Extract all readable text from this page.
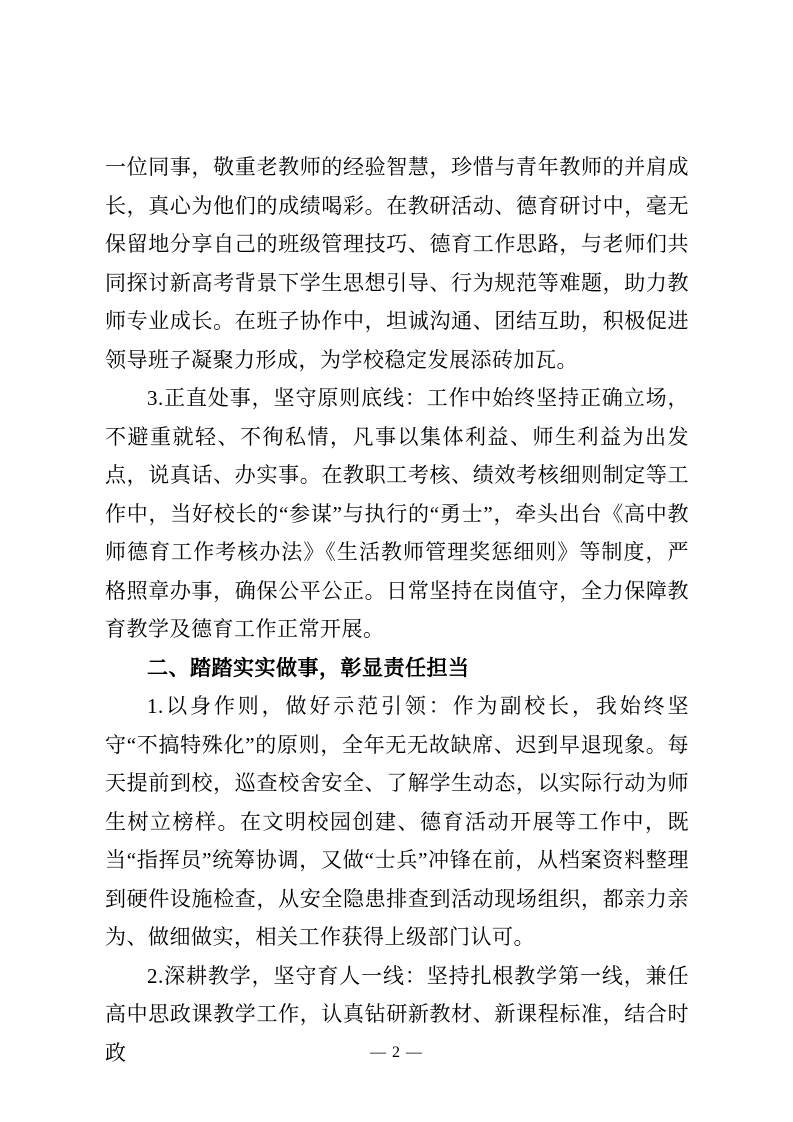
一位同事，敬重老教师的经验智慧，珍惜与青年教师的并肩成长，真心为他们的成绩喝彩。在教研活动、德育研讨中，毫无保留地分享自己的班级管理技巧、德育工作思路，与老师们共同探讨新高考背景下学生思想引导、行为规范等难题，助力教师专业成长。在班子协作中，坦诚沟通、团结互助，积极促进领导班子凝聚力形成，为学校稳定发展添砖加瓦。

3.正直处事，坚守原则底线：工作中始终坚持正确立场，不避重就轻、不徇私情，凡事以集体利益、师生利益为出发点，说真话、办实事。在教职工考核、绩效考核细则制定等工作中，当好校长的“参谋”与执行的“勇士”，牵头出台《高中教师德育工作考核办法》《生活教师管理奖惩细则》等制度，严格照章办事，确保公平公正。日常坚持在岗值守，全力保障教育教学及德育工作正常开展。

二、踏踏实实做事，彰显责任担当

1.以身作则，做好示范引领：作为副校长，我始终坚守“不搞特殊化”的原则，全年无无故缺席、迟到早退现象。每天提前到校，巡查校舍安全、了解学生动态，以实际行动为师生树立榜样。在文明校园创建、德育活动开展等工作中，既当“指挥员”统筹协调，又做“士兵”冲锋在前，从档案资料整理到硬件设施检查，从安全隐患排查到活动现场组织，都亲力亲为、做细做实，相关工作获得上级部门认可。

2.深耕教学，坚守育人一线：坚持扎根教学第一线，兼任高中思政课教学工作，认真钻研新教材、新课程标准，结合时政	— 2 —
